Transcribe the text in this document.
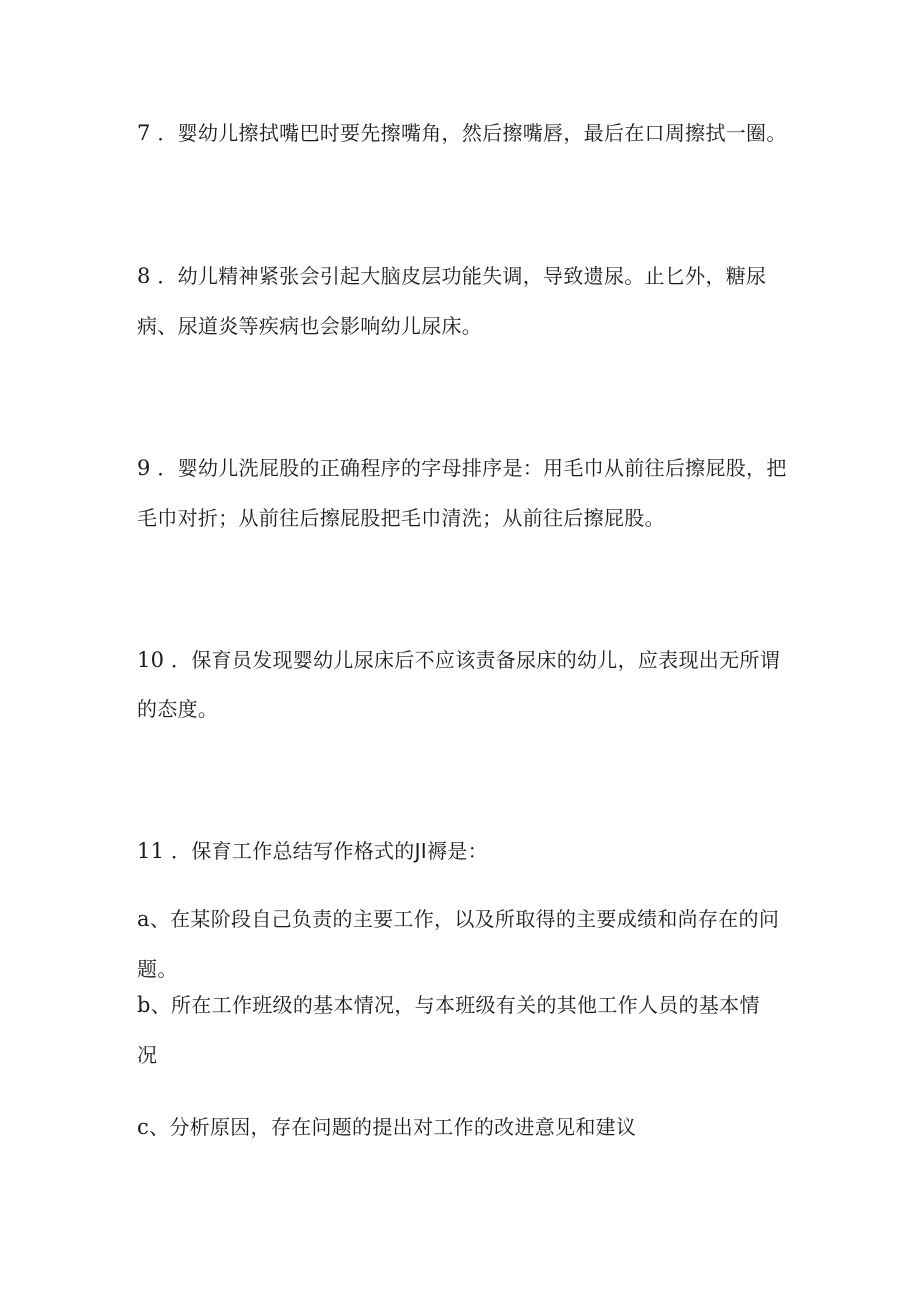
7 ．婴幼儿擦拭嘴巴时要先擦嘴角，然后擦嘴唇，最后在口周擦拭一圈。
8 ．幼儿精神紧张会引起大脑皮层功能失调，导致遗尿。止匕外，糖尿
病、尿道炎等疾病也会影响幼儿尿床。
9 ．婴幼儿洗屁股的正确程序的字母排序是：用毛巾从前往后擦屁股，把
毛巾对折；从前往后擦屁股把毛巾清洗；从前往后擦屁股。
10 ．保育员发现婴幼儿尿床后不应该责备尿床的幼儿，应表现出无所谓
的态度。
11 ．保育工作总结写作格式的JI褥是：
a、在某阶段自己负责的主要工作，以及所取得的主要成绩和尚存在的问
题。
b、所在工作班级的基本情况，与本班级有关的其他工作人员的基本情
况
c、分析原因，存在问题的提出对工作的改进意见和建议
